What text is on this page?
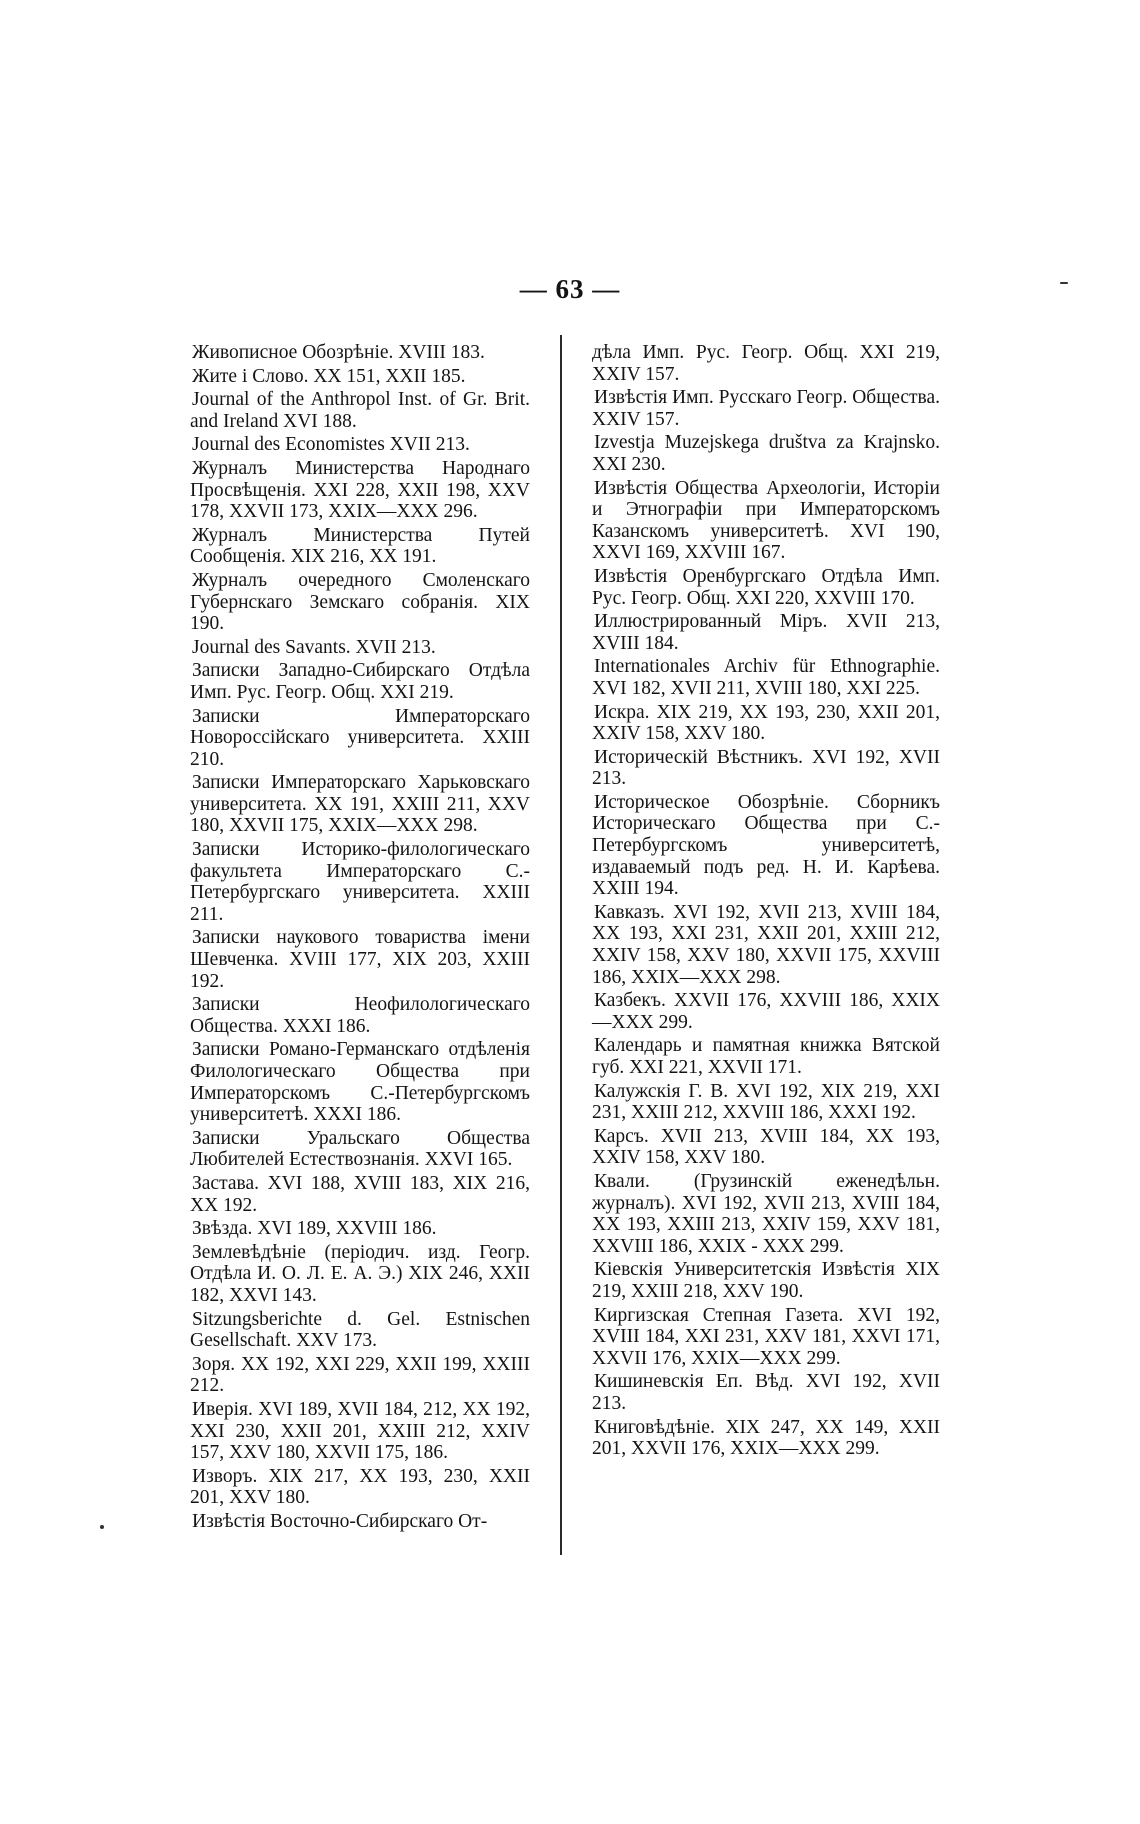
— 63 —

Живописное Обозрѣніе. XVIII 183.

Жите і Слово. XX 151, XXII 185.

Journal of the Anthropol Inst. of Gr. Brit. and Ireland XVI 188.

Journal des Economistes XVII 213.

Журналъ Министерства Народнаго Просвѣщенія. XXI 228, XXII 198, XXV 178, XXVII 173, XXIX—XXX 296.

Журналъ Министерства Путей Сообщенія. XIX 216, XX 191.

Журналъ очередного Смоленскаго Губернскаго Земскаго собранія. XIX 190.

Journal des Savants. XVII 213.

Записки Западно-Сибирскаго Отдѣла Имп. Рус. Геогр. Общ. XXI 219.

Записки Императорскаго Новороссійскаго университета. XXIII 210.

Записки Императорскаго Харьковскаго университета. XX 191, XXIII 211, XXV 180, XXVII 175, XXIX—XXX 298.

Записки Историко-филологическаго факультета Императорскаго С.-Петербургскаго университета. XXIII 211.

Записки наукового товариства імени Шевченка. XVIII 177, XIX 203, XXIII 192.

Записки Неофилологическаго Общества. XXXI 186.

Записки Романо-Германскаго отдѣленія Филологическаго Общества при Императорскомъ С.-Петербургскомъ университетѣ. XXXI 186.

Записки Уральскаго Общества Любителей Естествознанія. XXVI 165.

Застава. XVI 188, XVIII 183, XIX 216, XX 192.

Звѣзда. XVI 189, XXVIII 186.

Землевѣдѣніе (періодич. изд. Геогр. Отдѣла И. О. Л. Е. А. Э.) XIX 246, XXII 182, XXVI 143.

Sitzungsberichte d. Gel. Estnischen Gesellschaft. XXV 173.

Зоря. XX 192, XXI 229, XXII 199, XXIII 212.

Иверія. XVI 189, XVII 184, 212, XX 192, XXI 230, XXII 201, XXIII 212, XXIV 157, XXV 180, XXVII 175, 186.

Изворъ. XIX 217, XX 193, 230, XXII 201, XXV 180.

Извѣстія Восточно-Сибирскаго От-

дѣла Имп. Рус. Геогр. Общ. XXI 219, XXIV 157.

Извѣстія Имп. Русскаго Геогр. Общества. XXIV 157.

Izvestja Muzejskega društva za Krajnsko. XXI 230.

Извѣстія Общества Археологіи, Исторіи и Этнографіи при Императорскомъ Казанскомъ университетѣ. XVI 190, XXVI 169, XXVIII 167.

Извѣстія Оренбургскаго Отдѣла Имп. Рус. Геогр. Общ. XXI 220, XXVIII 170.

Иллюстрированный Міръ. XVII 213, XVIII 184.

Internationales Archiv für Ethnographie. XVI 182, XVII 211, XVIII 180, XXI 225.

Искра. XIX 219, XX 193, 230, XXII 201, XXIV 158, XXV 180.

Историческій Вѣстникъ. XVI 192, XVII 213.

Историческое Обозрѣніе. Сборникъ Историческаго Общества при С.-Петербургскомъ университетѣ, издаваемый подъ ред. Н. И. Карѣева. XXIII 194.

Кавказъ. XVI 192, XVII 213, XVIII 184, XX 193, XXI 231, XXII 201, XXIII 212, XXIV 158, XXV 180, XXVII 175, XXVIII 186, XXIX—XXX 298.

Казбекъ. XXVII 176, XXVIII 186, XXIX—XXX 299.

Календарь и памятная книжка Вятской губ. XXI 221, XXVII 171.

Калужскія Г. В. XVI 192, XIX 219, XXI 231, XXIII 212, XXVIII 186, XXXI 192.

Карсъ. XVII 213, XVIII 184, XX 193, XXIV 158, XXV 180.

Квали. (Грузинскій еженедѣльн. журналъ). XVI 192, XVII 213, XVIII 184, XX 193, XXIII 213, XXIV 159, XXV 181, XXVIII 186, XXIX - XXX 299.

Кіевскія Университетскія Извѣстія XIX 219, XXIII 218, XXV 190.

Киргизская Степная Газета. XVI 192, XVIII 184, XXI 231, XXV 181, XXVI 171, XXVII 176, XXIX—XXX 299.

Кишиневскія Еп. Вѣд. XVI 192, XVII 213.

Книговѣдѣніе. XIX 247, XX 149, XXII 201, XXVII 176, XXIX—XXX 299.
